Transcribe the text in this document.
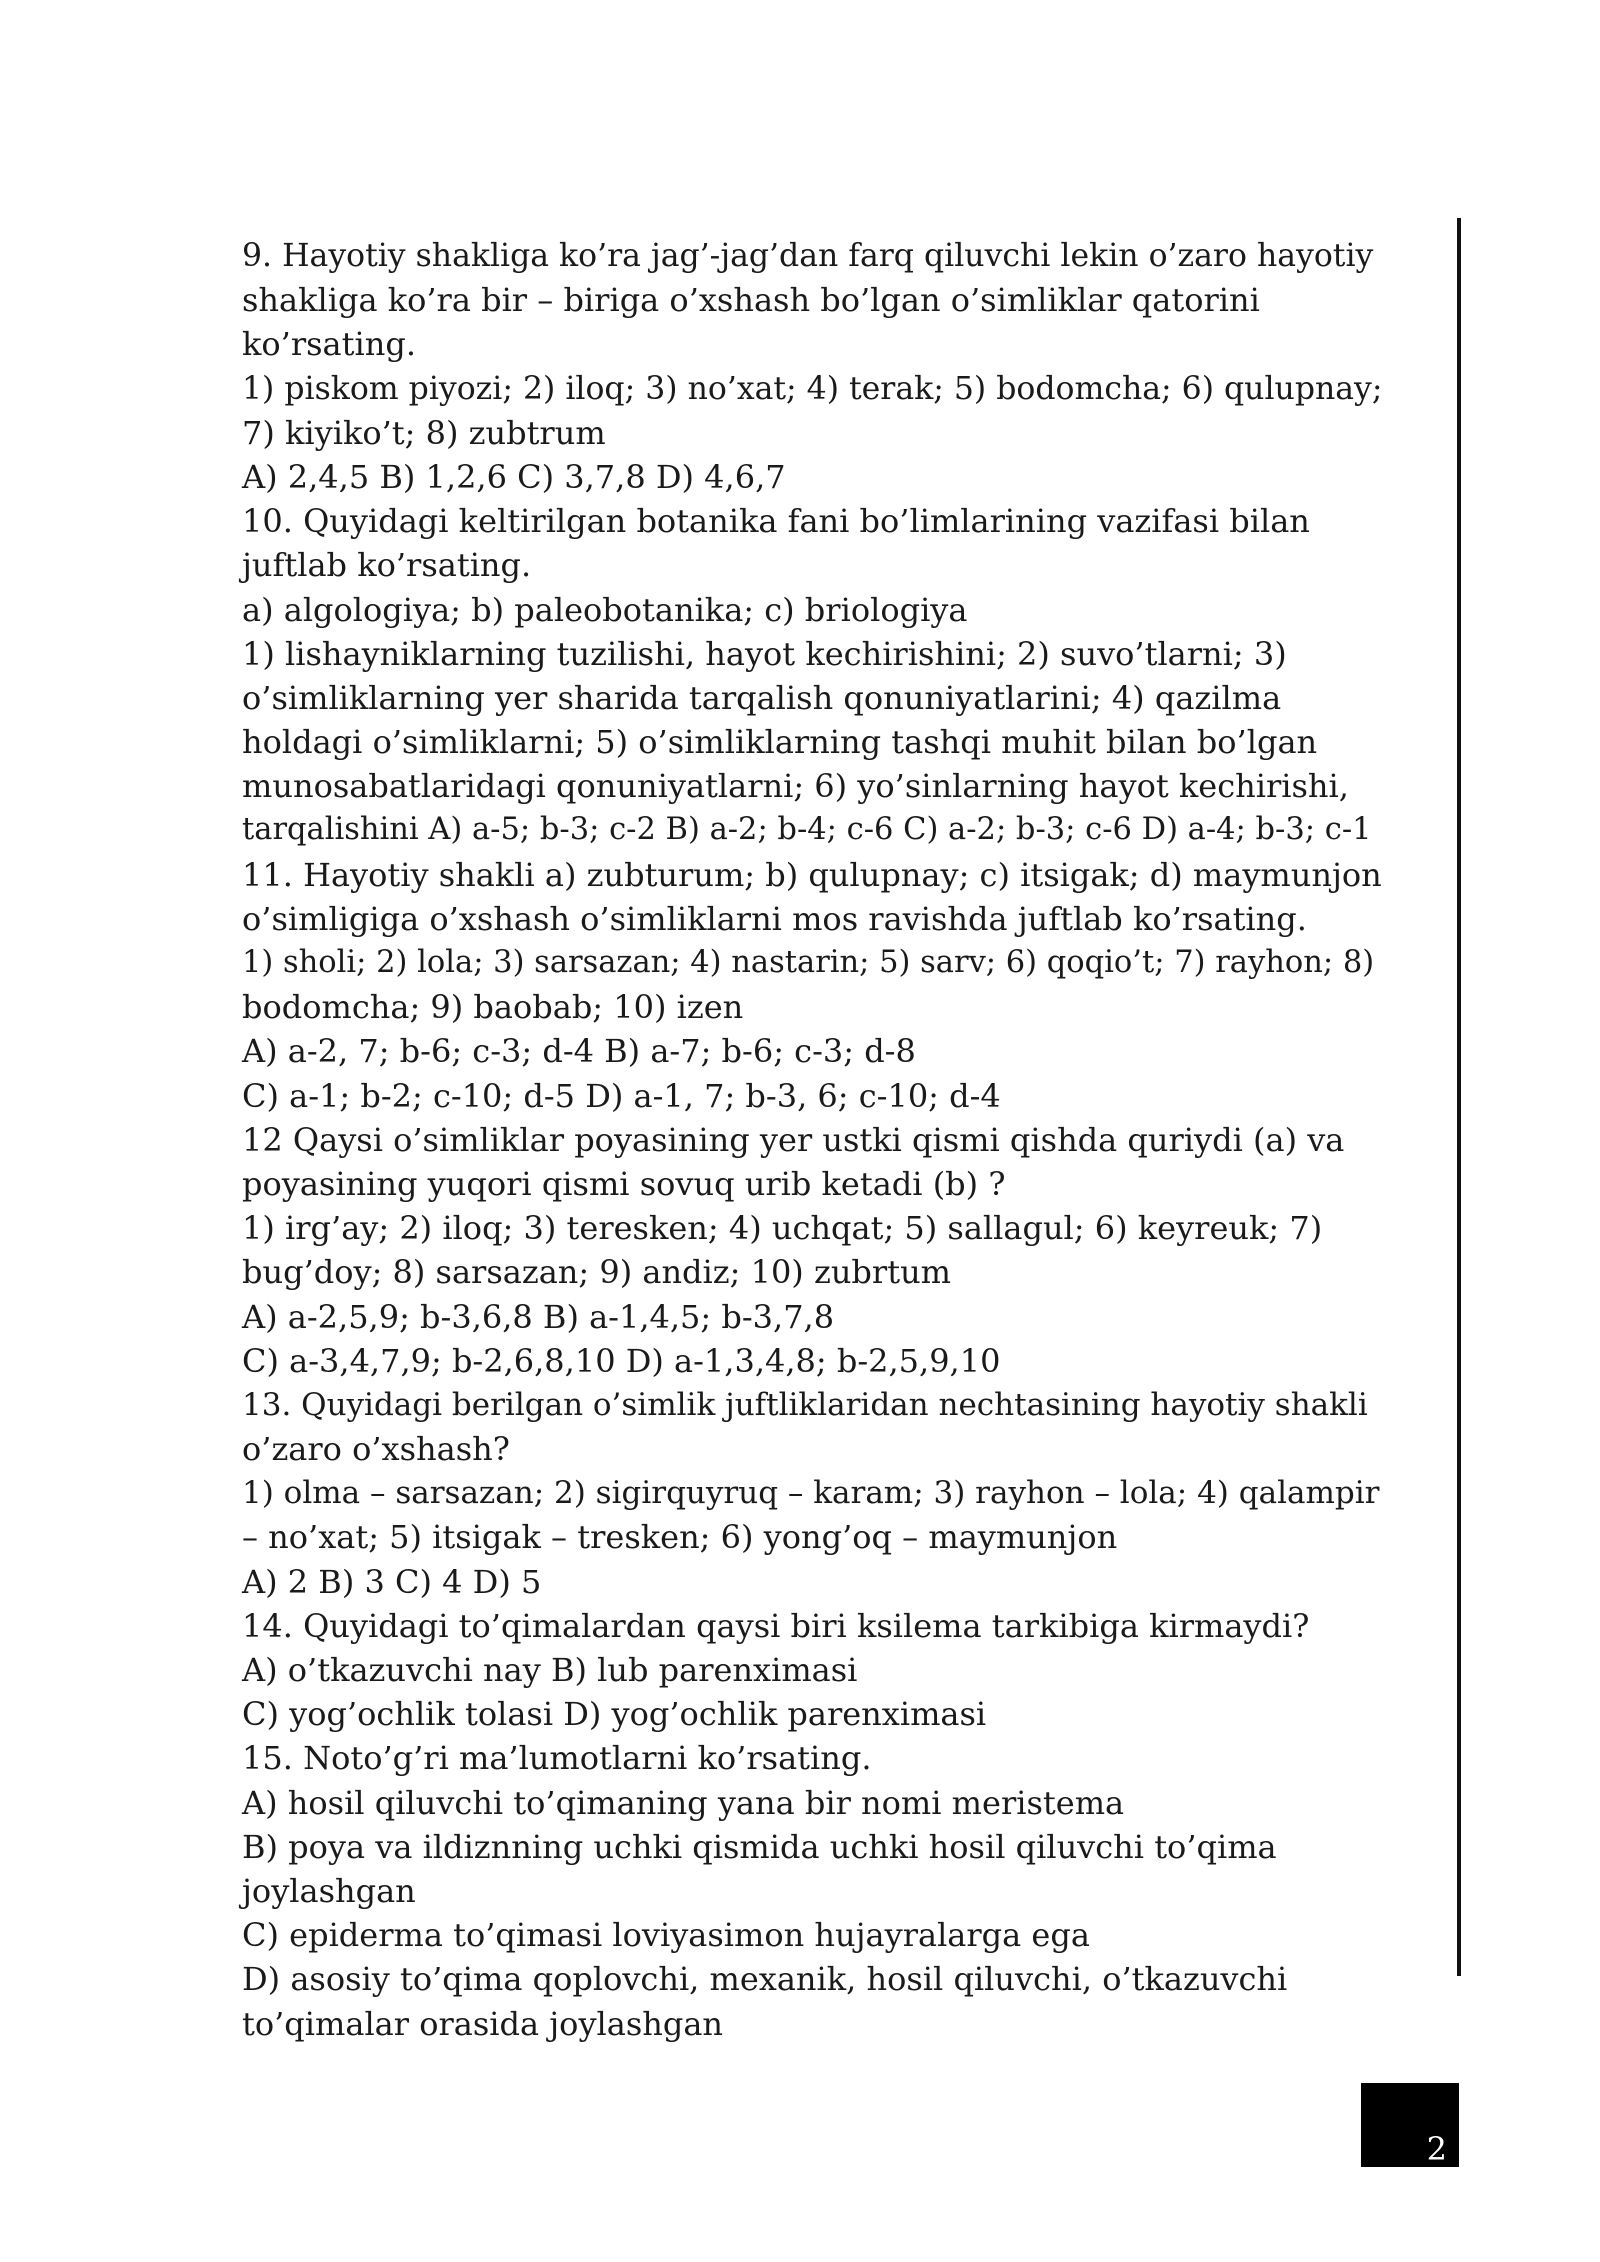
9. Hayotiy shakliga ko’ra jag’-jag’dan farq qiluvchi lekin o’zaro hayotiy
shakliga ko’ra bir – biriga o’xshash bo’lgan o’simliklar qatorini
ko’rsating.
1) piskom piyozi; 2) iloq; 3) no’xat; 4) terak; 5) bodomcha; 6) qulupnay;
7) kiyiko’t; 8) zubtrum
A) 2,4,5 B) 1,2,6 C) 3,7,8 D) 4,6,7
10. Quyidagi keltirilgan botanika fani bo’limlarining vazifasi bilan
juftlab ko’rsating.
a) algologiya; b) paleobotanika; c) briologiya
1) lishayniklarning tuzilishi, hayot kechirishini; 2) suvo’tlarni; 3)
o’simliklarning yer sharida tarqalish qonuniyatlarini; 4) qazilma
holdagi o’simliklarni; 5) o’simliklarning tashqi muhit bilan bo’lgan
munosabatlaridagi qonuniyatlarni; 6) yo’sinlarning hayot kechirishi,
tarqalishini A) a-5; b-3; c-2 B) a-2; b-4; c-6 C) a-2; b-3; c-6 D) a-4; b-3; c-1
11. Hayotiy shakli a) zubturum; b) qulupnay; c) itsigak; d) maymunjon
o’simligiga o’xshash o’simliklarni mos ravishda juftlab ko’rsating.
1) sholi; 2) lola; 3) sarsazan; 4) nastarin; 5) sarv; 6) qoqio’t; 7) rayhon; 8)
bodomcha; 9) baobab; 10) izen
A) a-2, 7; b-6; c-3; d-4 B) a-7; b-6; c-3; d-8
C) a-1; b-2; c-10; d-5 D) a-1, 7; b-3, 6; c-10; d-4
12 Qaysi o’simliklar poyasining yer ustki qismi qishda quriydi (a) va
poyasining yuqori qismi sovuq urib ketadi (b) ?
1) irg’ay; 2) iloq; 3) teresken; 4) uchqat; 5) sallagul; 6) keyreuk; 7)
bug’doy; 8) sarsazan; 9) andiz; 10) zubrtum
A) a-2,5,9; b-3,6,8 B) a-1,4,5; b-3,7,8
C) a-3,4,7,9; b-2,6,8,10 D) a-1,3,4,8; b-2,5,9,10
13. Quyidagi berilgan o’simlik juftliklaridan nechtasining hayotiy shakli
o’zaro o’xshash?
1) olma – sarsazan; 2) sigirquyruq – karam; 3) rayhon – lola; 4) qalampir
– no’xat; 5) itsigak – tresken; 6) yong’oq – maymunjon
A) 2 B) 3 C) 4 D) 5
14. Quyidagi to’qimalardan qaysi biri ksilema tarkibiga kirmaydi?
A) o’tkazuvchi nay B) lub parenximasi
C) yog’ochlik tolasi D) yog’ochlik parenximasi
15. Noto’g’ri ma’lumotlarni ko’rsating.
A) hosil qiluvchi to’qimaning yana bir nomi meristema
B) poya va ildiznning uchki qismida uchki hosil qiluvchi to’qima
joylashgan
C) epiderma to’qimasi loviyasimon hujayralarga ega
D) asosiy to’qima qoplovchi, mexanik, hosil qiluvchi, o’tkazuvchi
to’qimalar orasida joylashgan
2
